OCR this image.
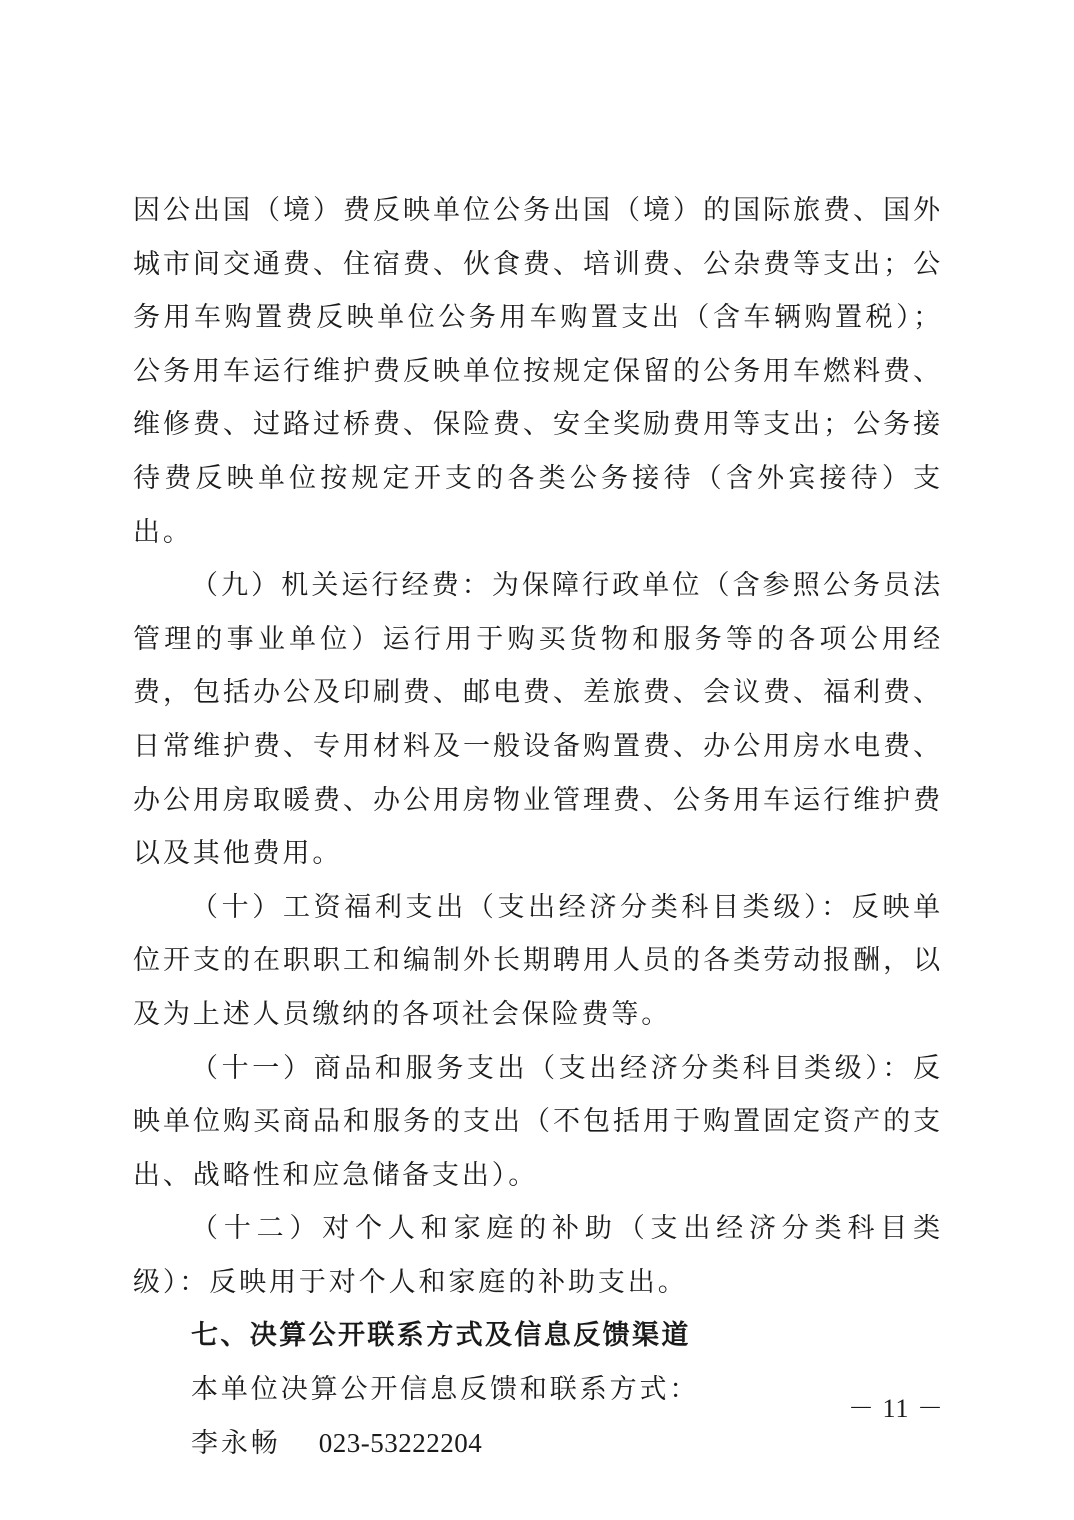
因公出国（境）费反映单位公务出国（境）的国际旅费、国外城市间交通费、住宿费、伙食费、培训费、公杂费等支出；公务用车购置费反映单位公务用车购置支出（含车辆购置税）；公务用车运行维护费反映单位按规定保留的公务用车燃料费、维修费、过路过桥费、保险费、安全奖励费用等支出；公务接待费反映单位按规定开支的各类公务接待（含外宾接待）支出。

（九）机关运行经费：为保障行政单位（含参照公务员法管理的事业单位）运行用于购买货物和服务等的各项公用经费，包括办公及印刷费、邮电费、差旅费、会议费、福利费、日常维护费、专用材料及一般设备购置费、办公用房水电费、办公用房取暖费、办公用房物业管理费、公务用车运行维护费以及其他费用。

（十）工资福利支出（支出经济分类科目类级）：反映单位开支的在职职工和编制外长期聘用人员的各类劳动报酬，以及为上述人员缴纳的各项社会保险费等。

（十一）商品和服务支出（支出经济分类科目类级）：反映单位购买商品和服务的支出（不包括用于购置固定资产的支出、战略性和应急储备支出）。

（十二）对个人和家庭的补助（支出经济分类科目类级）：反映用于对个人和家庭的补助支出。

七、决算公开联系方式及信息反馈渠道

本单位决算公开信息反馈和联系方式：

李永畅 023-53222204

－ 11 －
